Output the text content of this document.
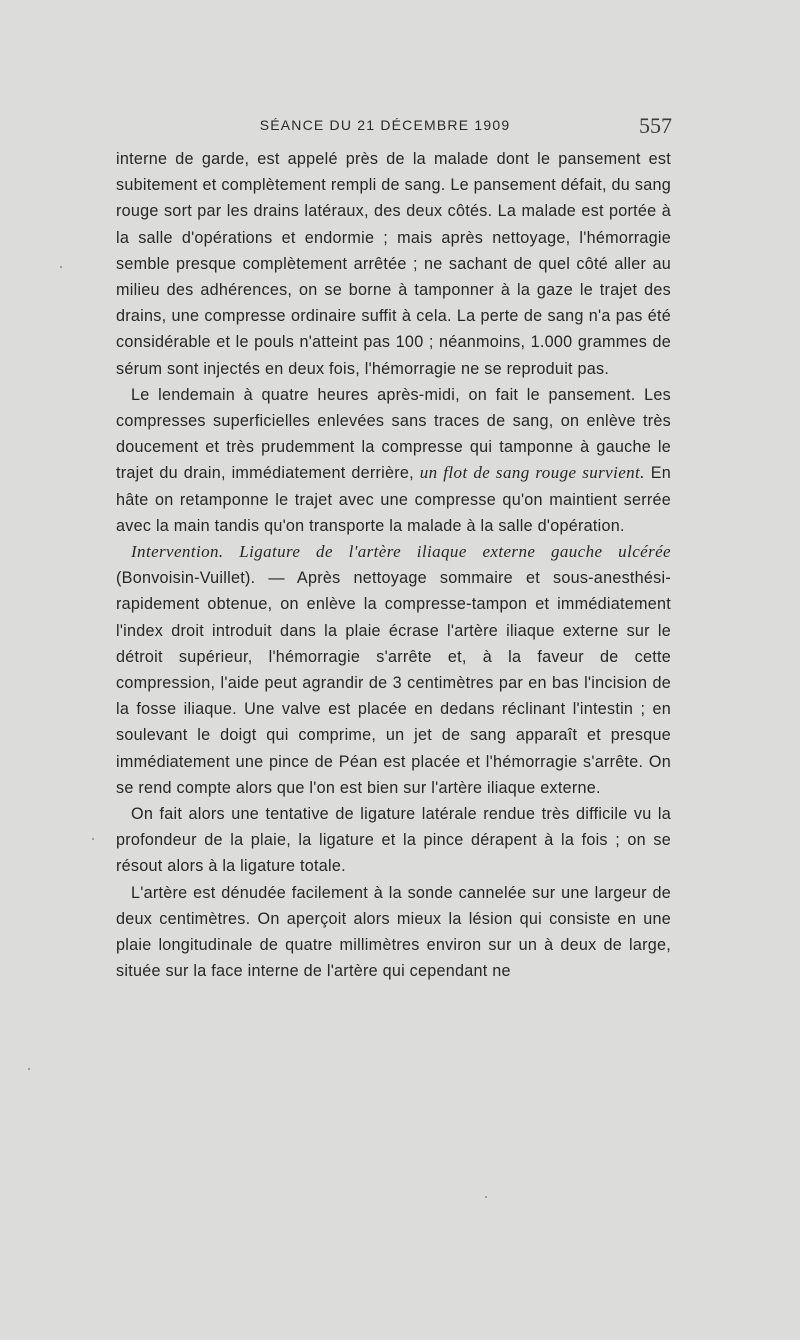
SÉANCE DU 21 DÉCEMBRE 1909	557

interne de garde, est appelé près de la malade dont le pansement est subitement et complètement rempli de sang. Le pansement défait, du sang rouge sort par les drains latéraux, des deux côtés. La malade est portée à la salle d'opérations et endormie ; mais après nettoyage, l'hémorragie semble presque complètement arrêtée ; ne sachant de quel côté aller au milieu des adhérences, on se borne à tamponner à la gaze le trajet des drains, une compresse ordinaire suffit à cela. La perte de sang n'a pas été considérable et le pouls n'atteint pas 100 ; néanmoins, 1.000 grammes de sérum sont injectés en deux fois, l'hémorragie ne se reproduit pas.

Le lendemain à quatre heures après-midi, on fait le pansement. Les compresses superficielles enlevées sans traces de sang, on enlève très doucement et très prudemment la compresse qui tamponne à gauche le trajet du drain, immédiatement derrière, un flot de sang rouge survient. En hâte on retamponne le trajet avec une compresse qu'on maintient serrée avec la main tandis qu'on transporte la malade à la salle d'opération.

Intervention. Ligature de l'artère iliaque externe gauche ulcérée (Bonvoisin-Vuillet). — Après nettoyage sommaire et sous-anesthési-rapidement obtenue, on enlève la compresse-tampon et immédiatement l'index droit introduit dans la plaie écrase l'artère iliaque externe sur le détroit supérieur, l'hémorragie s'arrête et, à la faveur de cette compression, l'aide peut agrandir de 3 centimètres par en bas l'incision de la fosse iliaque. Une valve est placée en dedans réclinant l'intestin ; en soulevant le doigt qui comprime, un jet de sang apparaît et presque immédiatement une pince de Péan est placée et l'hémorragie s'arrête. On se rend compte alors que l'on est bien sur l'artère iliaque externe.

On fait alors une tentative de ligature latérale rendue très difficile vu la profondeur de la plaie, la ligature et la pince dérapent à la fois ; on se résout alors à la ligature totale.

L'artère est dénudée facilement à la sonde cannelée sur une largeur de deux centimètres. On aperçoit alors mieux la lésion qui consiste en une plaie longitudinale de quatre millimètres environ sur un à deux de large, située sur la face interne de l'artère qui cependant ne
